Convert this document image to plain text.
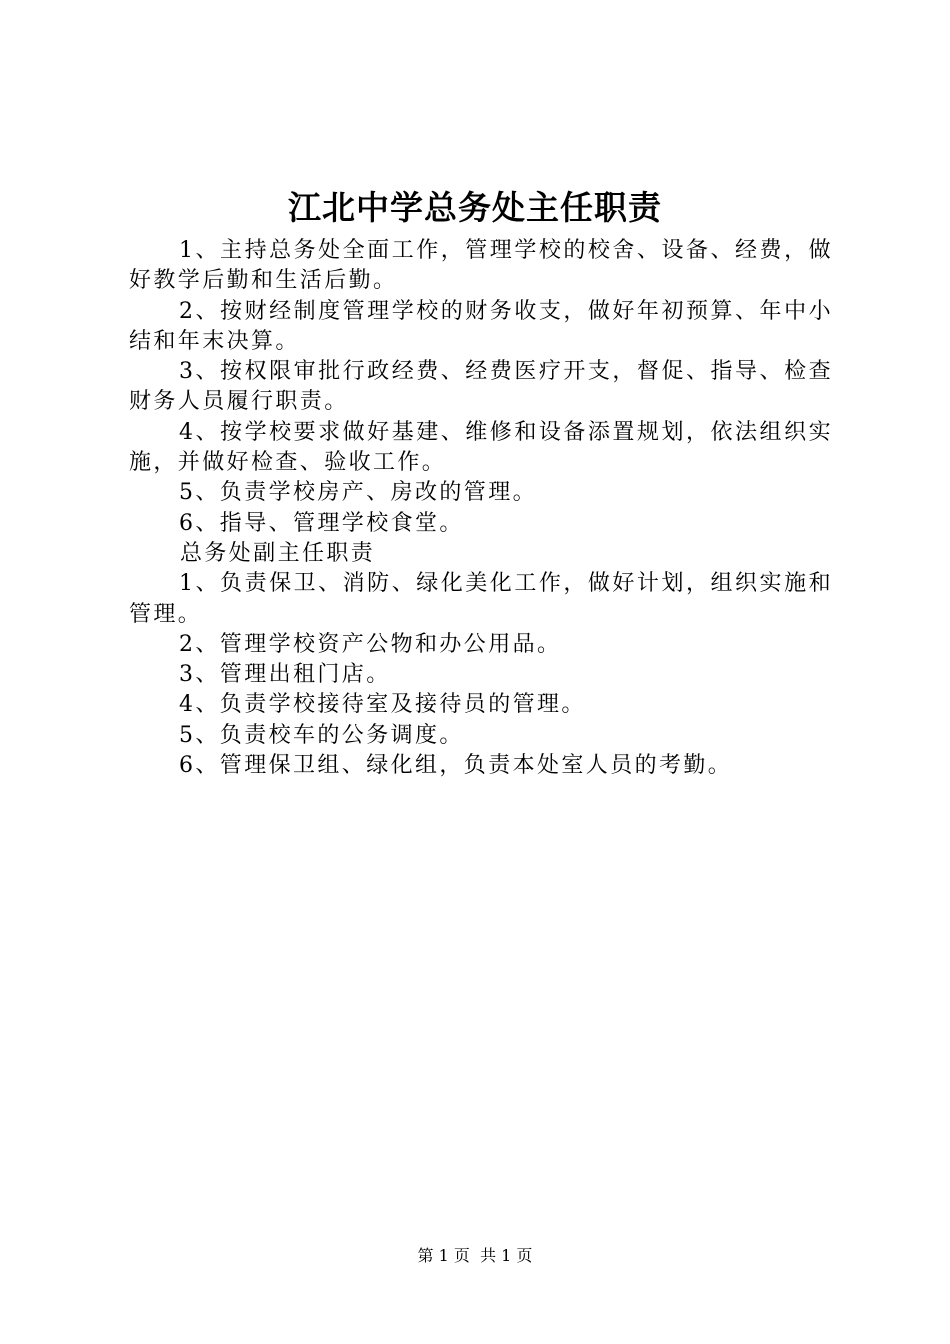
江北中学总务处主任职责

1、主持总务处全面工作，管理学校的校舍、设备、经费，做好教学后勤和生活后勤。

2、按财经制度管理学校的财务收支，做好年初预算、年中小结和年末决算。

3、按权限审批行政经费、经费医疗开支，督促、指导、检查财务人员履行职责。

4、按学校要求做好基建、维修和设备添置规划，依法组织实施，并做好检查、验收工作。

5、负责学校房产、房改的管理。

6、指导、管理学校食堂。

总务处副主任职责

1、负责保卫、消防、绿化美化工作，做好计划，组织实施和管理。

2、管理学校资产公物和办公用品。

3、管理出租门店。

4、负责学校接待室及接待员的管理。

5、负责校车的公务调度。

6、管理保卫组、绿化组，负责本处室人员的考勤。

第 1 页 共 1 页
